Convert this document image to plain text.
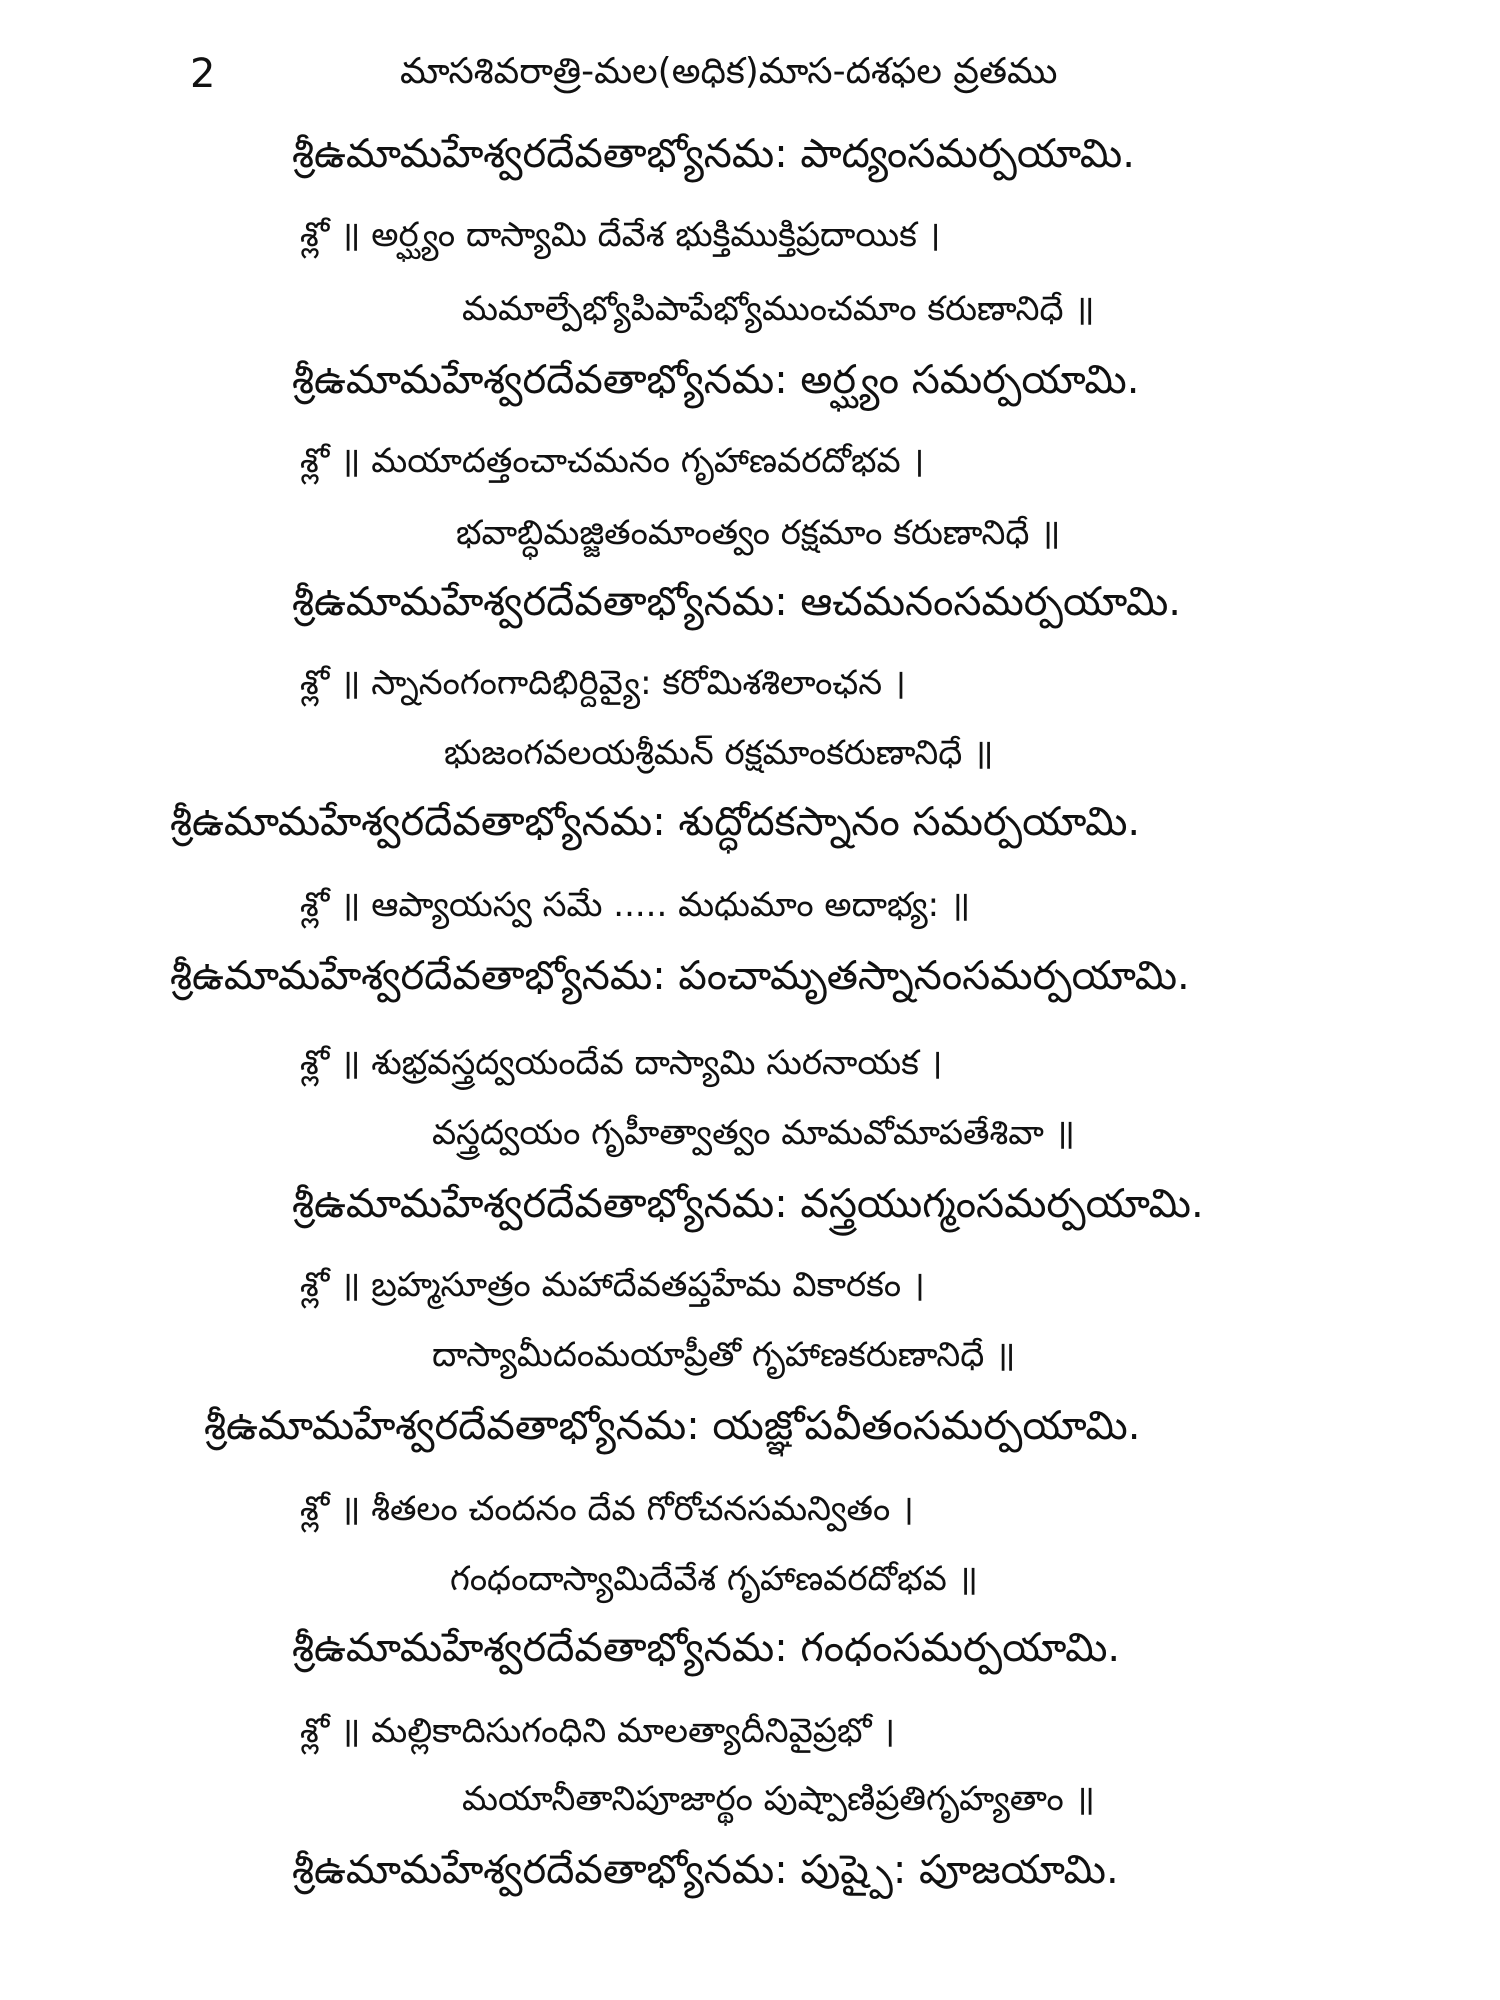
2	మాసశివరాత్రి-మల(అధిక)మాస-దశఫల వ్రతము
శ్రీఉమామహేశ్వరదేవతాభ్యోనమ: పాద్యంసమర్పయామి.
శ్లో ॥ అర్ఘ్యం దాస్యామి దేవేశ భుక్తిముక్తిప్రదాయిక ।
మమాల్పేభ్యోపిపాపేభ్యోముంచమాం కరుణానిధే ॥
శ్రీఉమామహేశ్వరదేవతాభ్యోనమ: అర్ఘ్యం సమర్పయామి.
శ్లో ॥ మయాదత్తంచాచమనం గృహాణవరదోభవ ।
భవాబ్ధిమజ్జితంమాంత్వం రక్షమాం కరుణానిధే ॥
శ్రీఉమామహేశ్వరదేవతాభ్యోనమ: ఆచమనంసమర్పయామి.
శ్లో ॥ స్నానంగంగాదిభిర్దివ్యై: కరోమిశశిలాంఛన ।
భుజంగవలయశ్రీమన్ రక్షమాంకరుణానిధే ॥
శ్రీఉమామహేశ్వరదేవతాభ్యోనమ: శుద్ధోదకస్నానం సమర్పయామి.
శ్లో ॥ ఆప్యాయస్వ సమే ..... మధుమాం అదాభ్య: ॥
శ్రీఉమామహేశ్వరదేవతాభ్యోనమ: పంచామృతస్నానంసమర్పయామి.
శ్లో ॥ శుభ్రవస్త్రద్వయందేవ దాస్యామి సురనాయక ।
వస్త్రద్వయం గృహీత్వాత్వం మామవోమాపతేశివా ॥
శ్రీఉమామహేశ్వరదేవతాభ్యోనమ: వస్త్రయుగ్మంసమర్పయామి.
శ్లో ॥ బ్రహ్మసూత్రం మహాదేవతప్తహేమ వికారకం ।
దాస్యామీదంమయాప్రీతో గృహాణకరుణానిధే ॥
శ్రీఉమామహేశ్వరదేవతాభ్యోనమ: యజ్ఞోపవీతంసమర్పయామి.
శ్లో ॥ శీతలం చందనం దేవ గోరోచనసమన్వితం ।
గంధందాస్యామిదేవేశ గృహాణవరదోభవ ॥
శ్రీఉమామహేశ్వరదేవతాభ్యోనమ: గంధంసమర్పయామి.
శ్లో ॥ మల్లికాదిసుగంధిని మాలత్యాదీనివైప్రభో ।
మయానీతానిపూజార్థం పుష్పాణిప్రతిగృహ్యతాం ॥
శ్రీఉమామహేశ్వరదేవతాభ్యోనమ: పుష్పై: పూజయామి.
